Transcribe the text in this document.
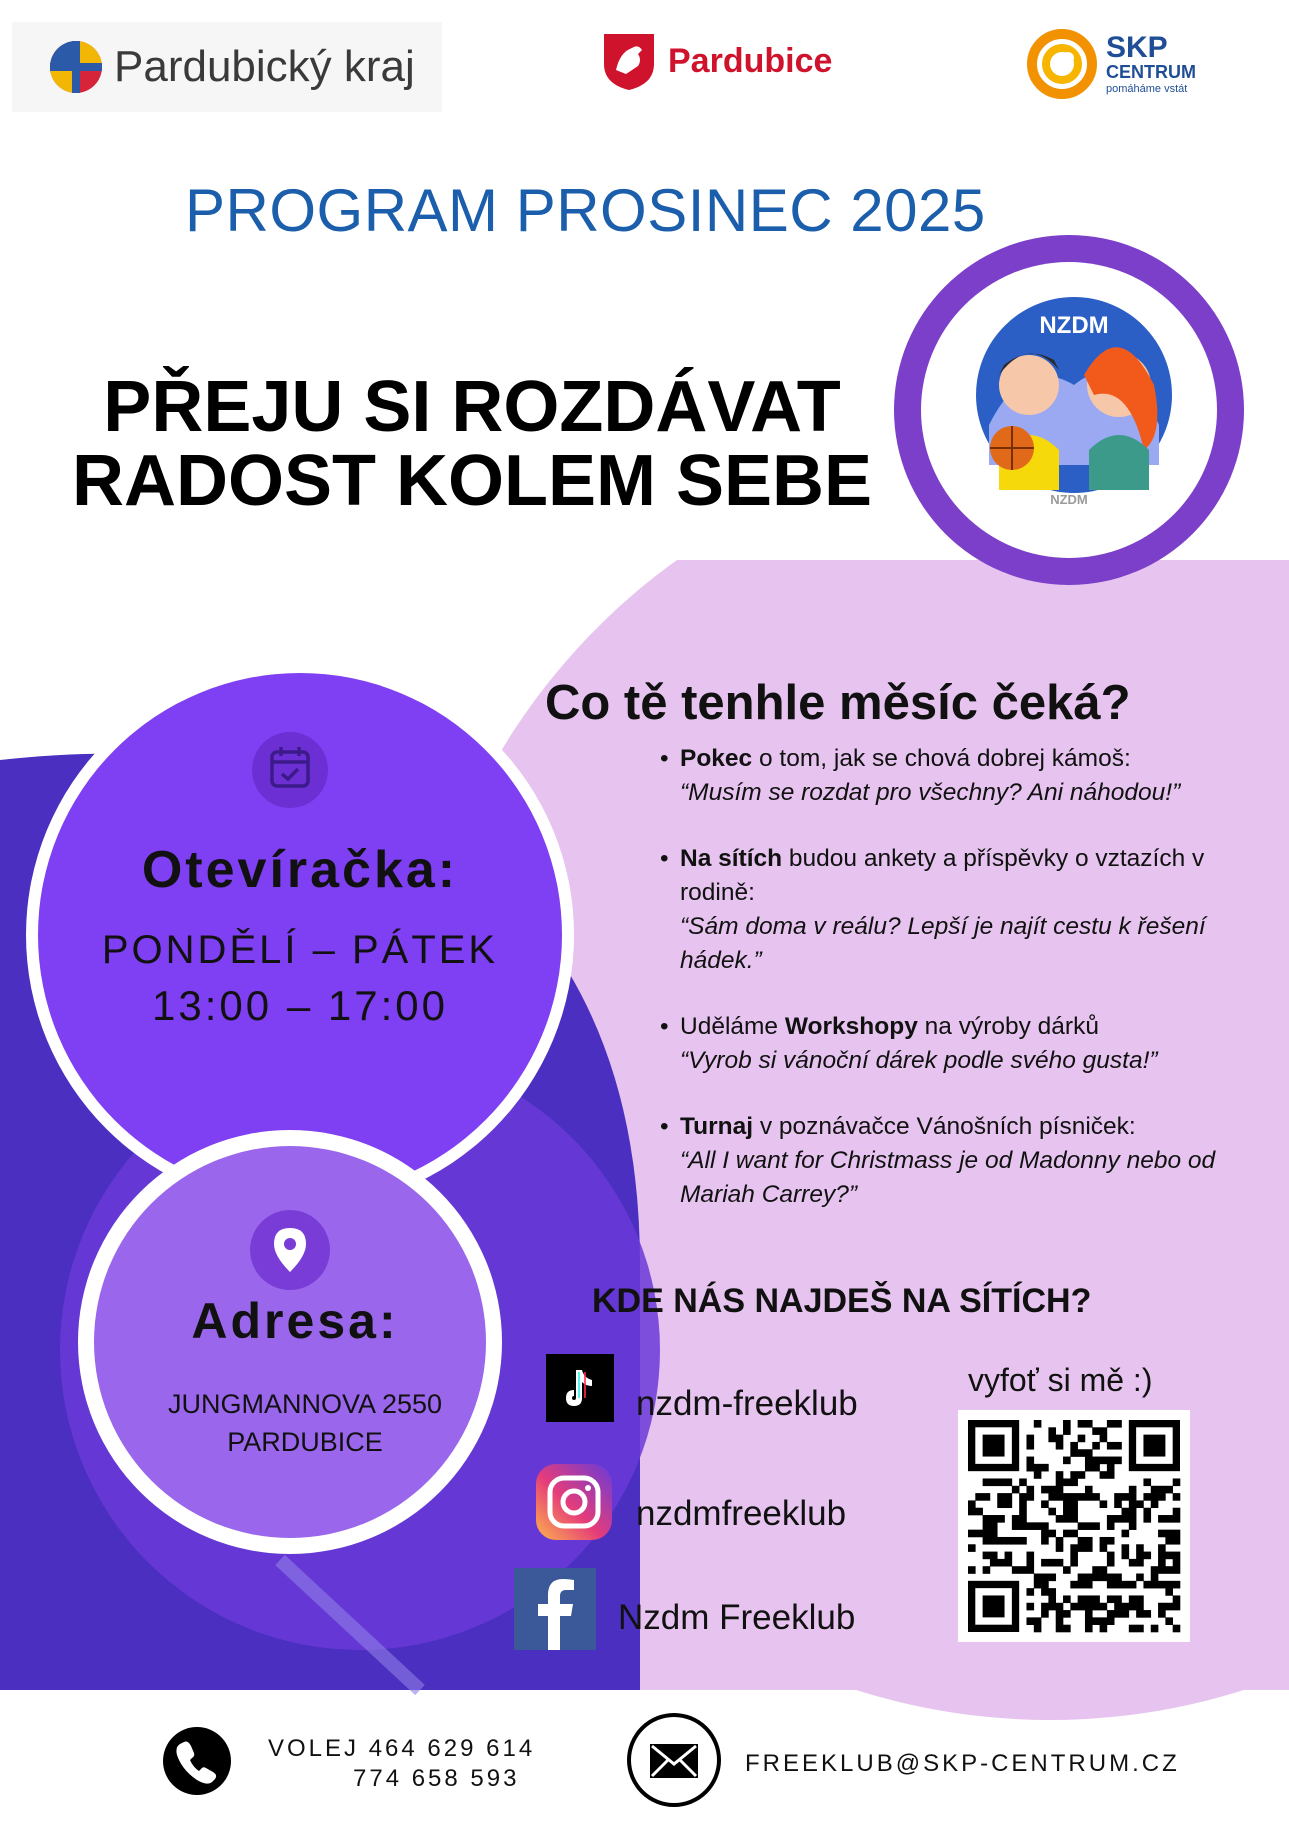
Pardubický kraj	Pardubice	SKP
CENTRUM
pomáháme vstát
PROGRAM PROSINEC 2025
PŘEJU SI ROZDÁVAT
RADOST KOLEM SEBE
NZDM
NZDM
Co tě tenhle měsíc čeká?
• Pokec o tom, jak se chová dobrej kámoš:
“Musím se rozdat pro všechny? Ani náhodou!”
• Na sítích budou ankety a příspěvky o vztazích v rodině:
“Sám doma v reálu? Lepší je najít cestu k řešení hádek.”
• Uděláme Workshopy na výroby dárků
“Vyrob si vánoční dárek podle svého gusta!”
• Turnaj v poznávačce Vánošních písniček:
“All I want for Christmass je od Madonny nebo od Mariah Carrey?”
Otevíračka:
PONDĚLÍ – PÁTEK
13:00 – 17:00
Adresa:
JUNGMANNOVA 2550
PARDUBICE
KDE NÁS NAJDEŠ NA SÍTÍCH?
nzdm-freeklub
nzdmfreeklub
Nzdm Freeklub
vyfoť si mě :)
VOLEJ 464 629 614
774 658 593
FREEKLUB@SKP-CENTRUM.CZ
